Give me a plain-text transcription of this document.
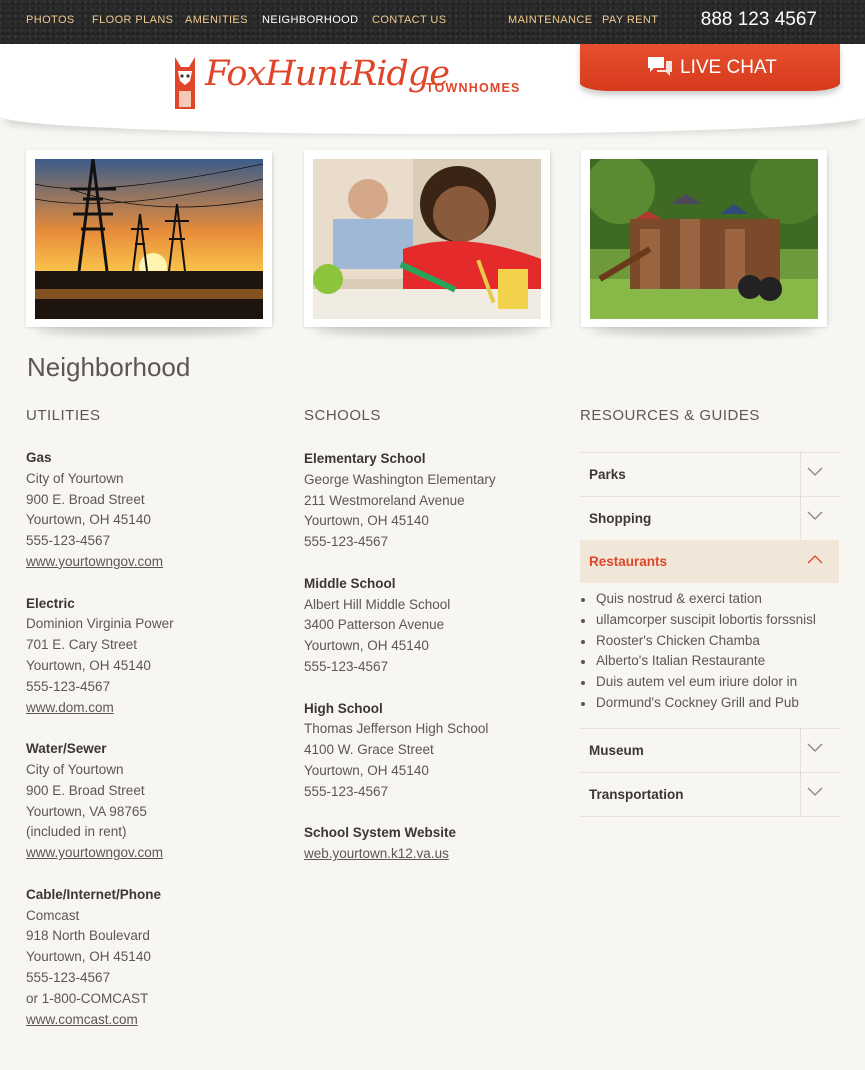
PHOTOS FLOOR PLANS AMENITIES NEIGHBORHOOD CONTACT US	MAINTENANCE PAY RENT 888 123 4567
FoxHuntRidge
TOWNHOMES
LIVE CHAT
Neighborhood
UTILITIES	SCHOOLS	RESOURCES & GUIDES
Gas
City of Yourtown
900 E. Broad Street
Yourtown, OH 45140
555-123-4567
www.yourtowngov.com
Electric
Dominion Virginia Power
701 E. Cary Street
Yourtown, OH 45140
555-123-4567
www.dom.com
Water/Sewer
City of Yourtown
900 E. Broad Street
Yourtown, VA 98765
(included in rent)
www.yourtowngov.com
Cable/Internet/Phone
Comcast
918 North Boulevard
Yourtown, OH 45140
555-123-4567
or 1-800-COMCAST
www.comcast.com
Elementary School
George Washington Elementary
211 Westmoreland Avenue
Yourtown, OH 45140
555-123-4567
Middle School
Albert Hill Middle School
3400 Patterson Avenue
Yourtown, OH 45140
555-123-4567
High School
Thomas Jefferson High School
4100 W. Grace Street
Yourtown, OH 45140
555-123-4567
School System Website
web.yourtown.k12.va.us
Parks
Shopping
Restaurants
Quis nostrud & exerci tation
ullamcorper suscipit lobortis forssnisl
Rooster's Chicken Chamba
Alberto's Italian Restaurante
Duis autem vel eum iriure dolor in
Dormund's Cockney Grill and Pub
Museum
Transportation
